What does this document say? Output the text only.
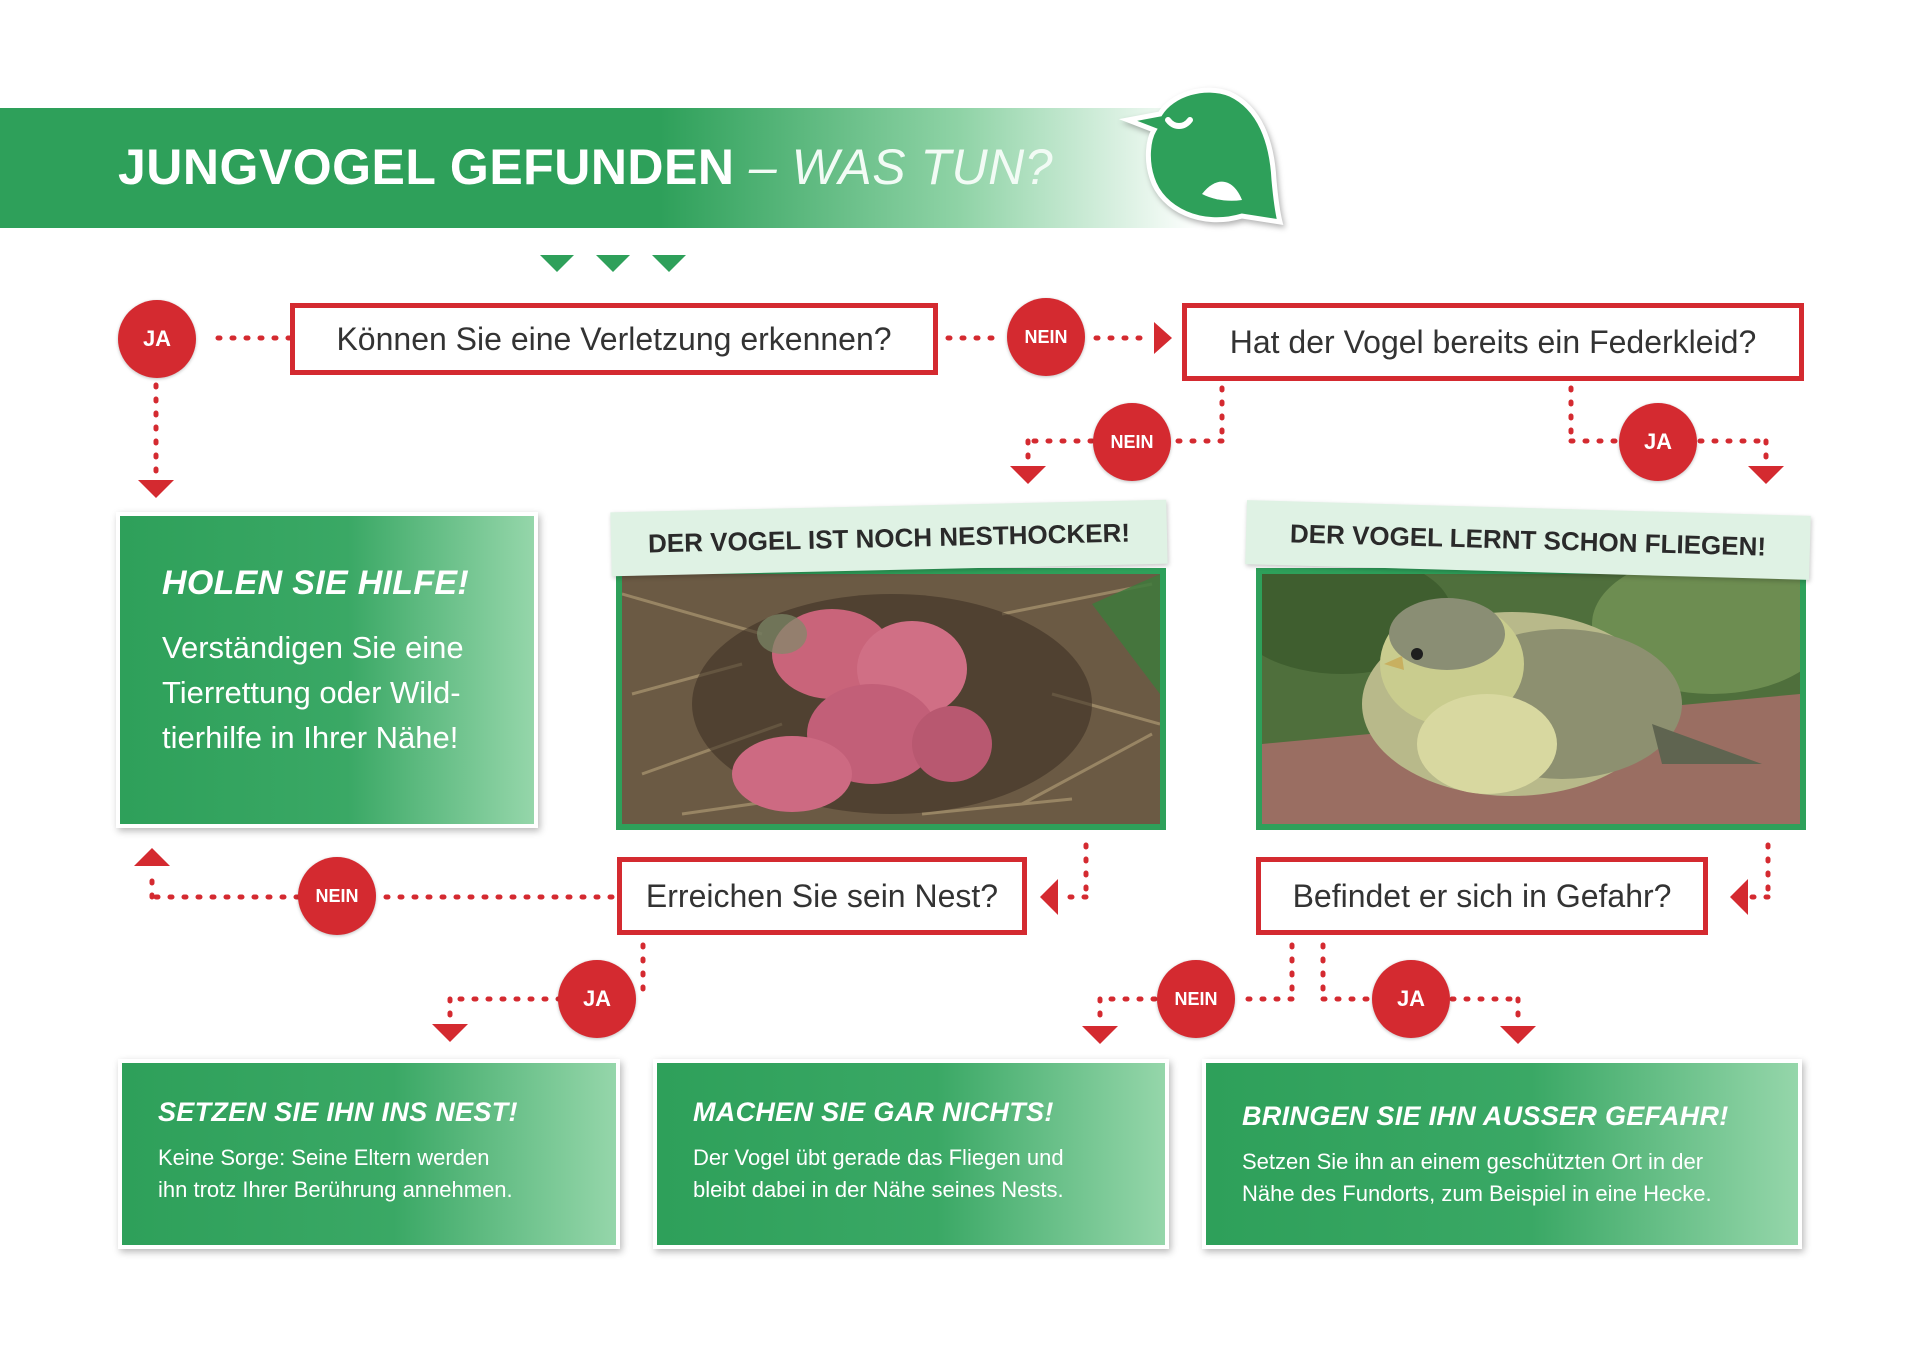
JUNGVOGEL GEFUNDEN – WAS TUN?
Können Sie eine Verletzung erkennen?	Hat der Vogel bereits ein Federkleid?
Erreichen Sie sein Nest?	Befindet er sich in Gefahr?
JA	NEIN
NEIN	JA
NEIN
JA	NEIN	JA
HOLEN SIE HILFE!

Verständigen Sie eine
Tierrettung oder Wild-
tierhilfe in Ihrer Nähe!

DER VOGEL IST NOCH NESTHOCKER!	DER VOGEL LERNT SCHON FLIEGEN!
SETZEN SIE IHN INS NEST!

Keine Sorge: Seine Eltern werden
ihn trotz Ihrer Berührung annehmen.

MACHEN SIE GAR NICHTS!

Der Vogel übt gerade das Fliegen und
bleibt dabei in der Nähe seines Nests.

BRINGEN SIE IHN AUSSER GEFAHR!

Setzen Sie ihn an einem geschützten Ort in der
Nähe des Fundorts, zum Beispiel in eine Hecke.
